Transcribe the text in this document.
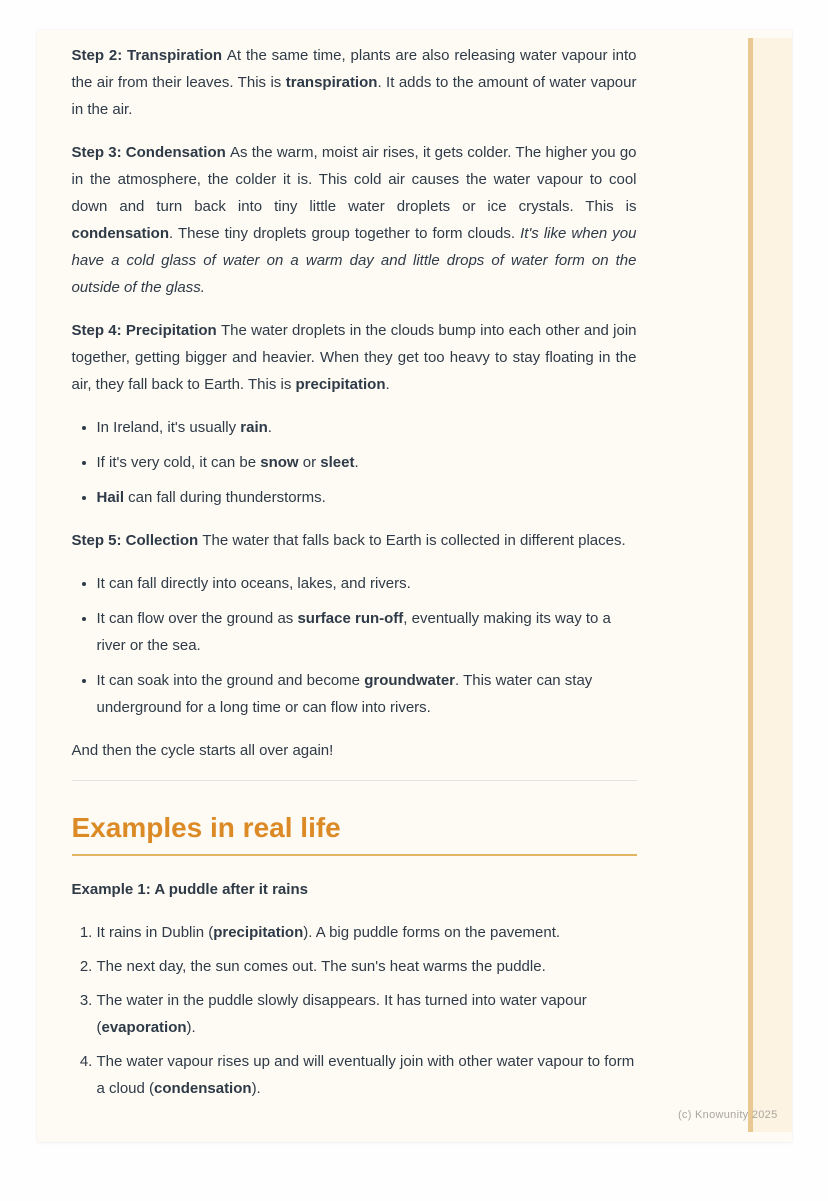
Step 2: Transpiration At the same time, plants are also releasing water vapour into the air from their leaves. This is transpiration. It adds to the amount of water vapour in the air.

Step 3: Condensation As the warm, moist air rises, it gets colder. The higher you go in the atmosphere, the colder it is. This cold air causes the water vapour to cool down and turn back into tiny little water droplets or ice crystals. This is condensation. These tiny droplets group together to form clouds. It's like when you have a cold glass of water on a warm day and little drops of water form on the outside of the glass.

Step 4: Precipitation The water droplets in the clouds bump into each other and join together, getting bigger and heavier. When they get too heavy to stay floating in the air, they fall back to Earth. This is precipitation.

• In Ireland, it's usually rain.
• If it's very cold, it can be snow or sleet.
• Hail can fall during thunderstorms.

Step 5: Collection The water that falls back to Earth is collected in different places.

• It can fall directly into oceans, lakes, and rivers.
• It can flow over the ground as surface run-off, eventually making its way to a river or the sea.
• It can soak into the ground and become groundwater. This water can stay underground for a long time or can flow into rivers.

And then the cycle starts all over again!

Examples in real life

Example 1: A puddle after it rains

1. It rains in Dublin (precipitation). A big puddle forms on the pavement.
2. The next day, the sun comes out. The sun's heat warms the puddle.
3. The water in the puddle slowly disappears. It has turned into water vapour (evaporation).
4. The water vapour rises up and will eventually join with other water vapour to form a cloud (condensation).
(c) Knowunity 2025
